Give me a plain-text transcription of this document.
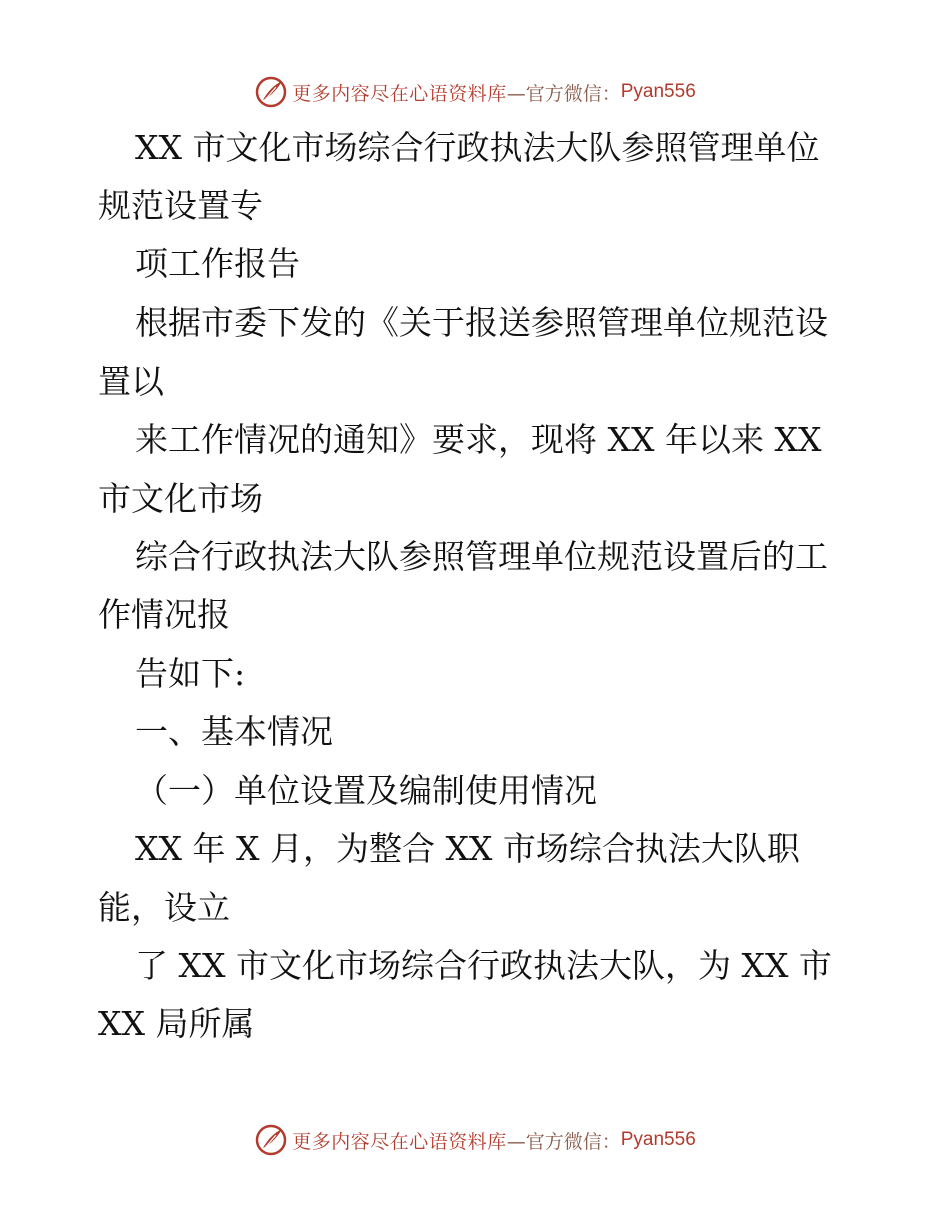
更多内容尽在心语资料库 —官方微信： Pyan556
XX 市文化市场综合行政执法大队参照管理单位
规范设置专
项工作报告
根据市委下发的《关于报送参照管理单位规范设
置以
来工作情况的通知》要求，现将 XX 年以来 XX
市文化市场
综合行政执法大队参照管理单位规范设置后的工
作情况报
告如下:
一、基本情况
（一）单位设置及编制使用情况
XX 年 X 月，为整合 XX 市场综合执法大队职
能，设立
了 XX 市文化市场综合行政执法大队，为 XX 市
XX 局所属
更多内容尽在心语资料库 —官方微信： Pyan556
